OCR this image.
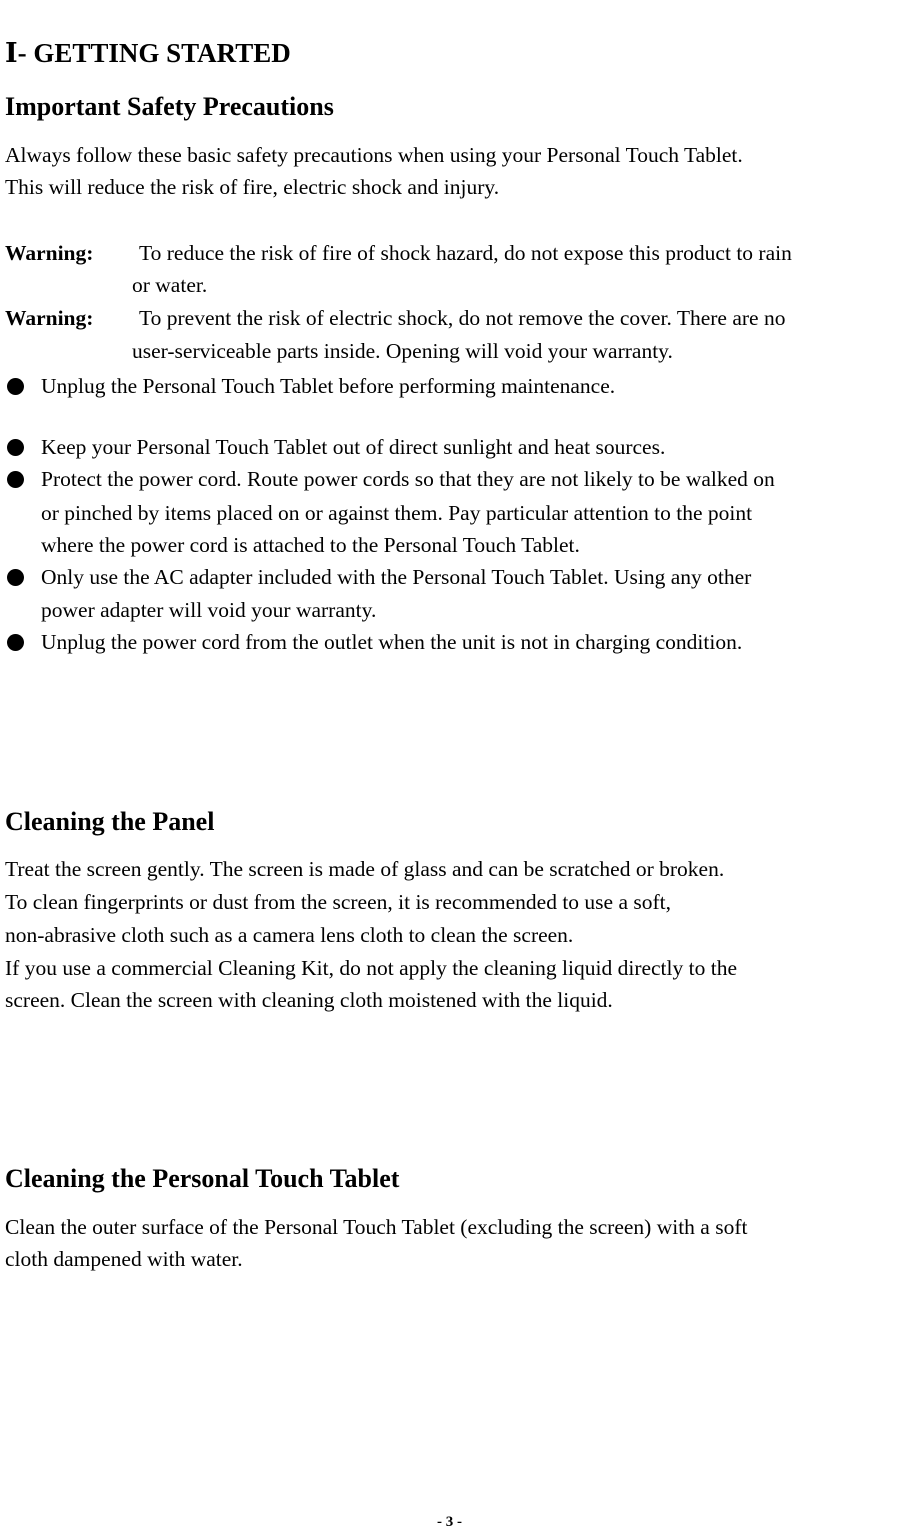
Ⅰ- GETTING STARTED
Important Safety Precautions
Always follow these basic safety precautions when using your Personal Touch Tablet.
This will reduce the risk of fire, electric shock and injury.
Warning: To reduce the risk of fire of shock hazard, do not expose this product to rain
or water.
Warning: To prevent the risk of electric shock, do not remove the cover. There are no
user-serviceable parts inside. Opening will void your warranty.
Unplug the Personal Touch Tablet before performing maintenance.
Keep your Personal Touch Tablet out of direct sunlight and heat sources.
Protect the power cord. Route power cords so that they are not likely to be walked on
or pinched by items placed on or against them. Pay particular attention to the point
where the power cord is attached to the Personal Touch Tablet.
Only use the AC adapter included with the Personal Touch Tablet. Using any other
power adapter will void your warranty.
Unplug the power cord from the outlet when the unit is not in charging condition.
Cleaning the Panel
Treat the screen gently. The screen is made of glass and can be scratched or broken.
To clean fingerprints or dust from the screen, it is recommended to use a soft,
non-abrasive cloth such as a camera lens cloth to clean the screen.
If you use a commercial Cleaning Kit, do not apply the cleaning liquid directly to the
screen. Clean the screen with cleaning cloth moistened with the liquid.
Cleaning the Personal Touch Tablet
Clean the outer surface of the Personal Touch Tablet (excluding the screen) with a soft
cloth dampened with water.
- 3 -
